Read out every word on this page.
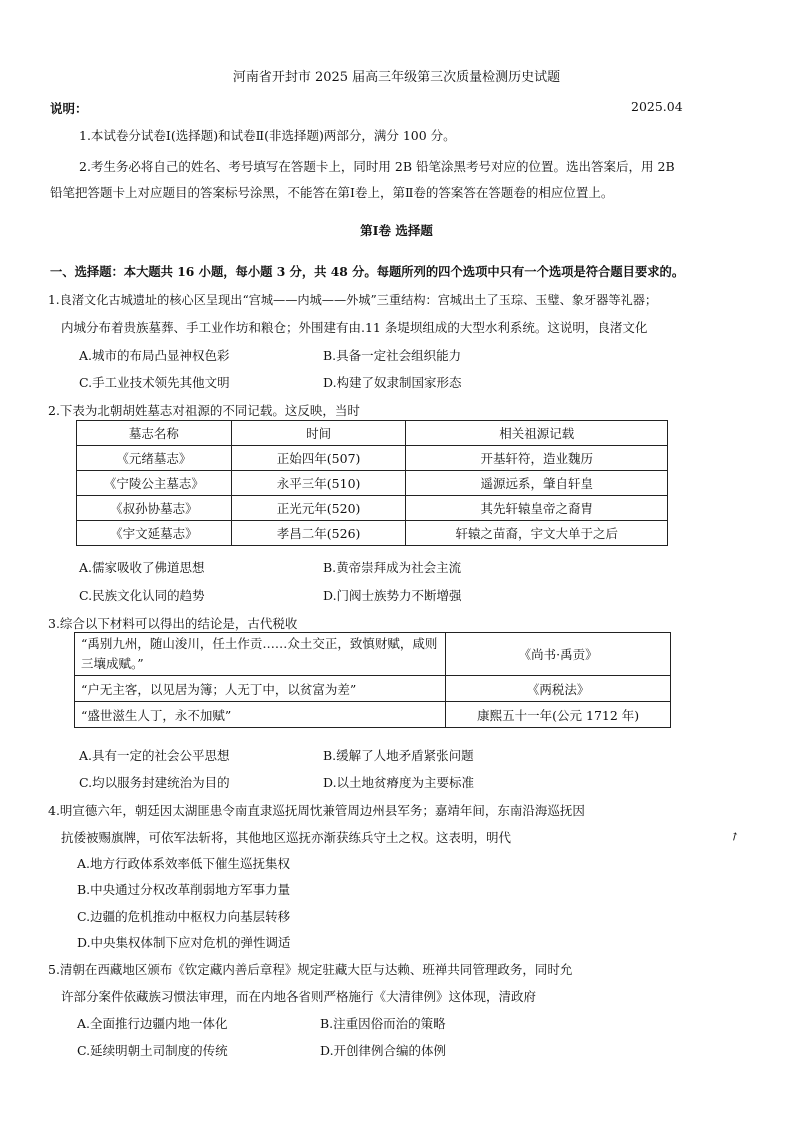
河南省开封市 2025 届高三年级第三次质量检测历史试题
说明：	2025.04
1.本试卷分试卷Ⅰ(选择题)和试卷Ⅱ(非选择题)两部分，满分 100 分。
2.考生务必将自己的姓名、考号填写在答题卡上，同时用 2B 铅笔涂黑考号对应的位置。选出答案后，用 2B
铅笔把答题卡上对应题目的答案标号涂黑，不能答在第Ⅰ卷上，第Ⅱ卷的答案答在答题卷的相应位置上。
第Ⅰ卷 选择题
一、选择题：本大题共 16 小题，每小题 3 分，共 48 分。每题所列的四个选项中只有一个选项是符合题目要求的。
1.良渚文化古城遗址的核心区呈现出“宫城——内城——外城”三重结构：宫城出土了玉琮、玉璧、象牙器等礼器；
内城分布着贵族墓葬、手工业作坊和粮仓；外围建有由.11 条堤坝组成的大型水利系统。这说明，良渚文化
A.城市的布局凸显神权色彩	B.具备一定社会组织能力
C.手工业技术领先其他文明	D.构建了奴隶制国家形态
2.下表为北朝胡姓墓志对祖源的不同记载。这反映，当时
墓志名称	时间	相关祖源记载
《元绪墓志》	正始四年(507)	开基轩符，造业魏历
《宁陵公主墓志》	永平三年(510)	遥源远系，肇自轩皇
《叔孙协墓志》	正光元年(520)	其先轩辕皇帝之裔胄
《宇文延墓志》	孝昌二年(526)	轩辕之苗裔，宇文大单于之后
A.儒家吸收了佛道思想	B.黄帝崇拜成为社会主流
C.民族文化认同的趋势	D.门阀士族势力不断增强
3.综合以下材料可以得出的结论是，古代税收
“禹别九州，随山浚川，任土作贡……众土交正，致慎财赋，咸则三壤成赋。”	《尚书·禹贡》
“户无主客，以见居为簿；人无丁中，以贫富为差”	《两税法》
“盛世滋生人丁，永不加赋”	康熙五十一年(公元 1712 年)
A.具有一定的社会公平思想	B.缓解了人地矛盾紧张问题
C.均以服务封建统治为目的	D.以土地贫瘠度为主要标准
4.明宣德六年，朝廷因太湖匪患令南直隶巡抚周忱兼管周边州县军务；嘉靖年间，东南沿海巡抚因
抗倭被赐旗牌，可依军法斩将，其他地区巡抚亦渐获练兵守土之权。这表明，明代	↗
A.地方行政体系效率低下催生巡抚集权
B.中央通过分权改革削弱地方军事力量
C.边疆的危机推动中枢权力向基层转移
D.中央集权体制下应对危机的弹性调适
5.清朝在西藏地区颁布《钦定藏内善后章程》规定驻藏大臣与达赖、班禅共同管理政务，同时允
许部分案件依藏族习惯法审理，而在内地各省则严格施行《大清律例》这体现，清政府
A.全面推行边疆内地一体化	B.注重因俗而治的策略
C.延续明朝土司制度的传统	D.开创律例合编的体例
